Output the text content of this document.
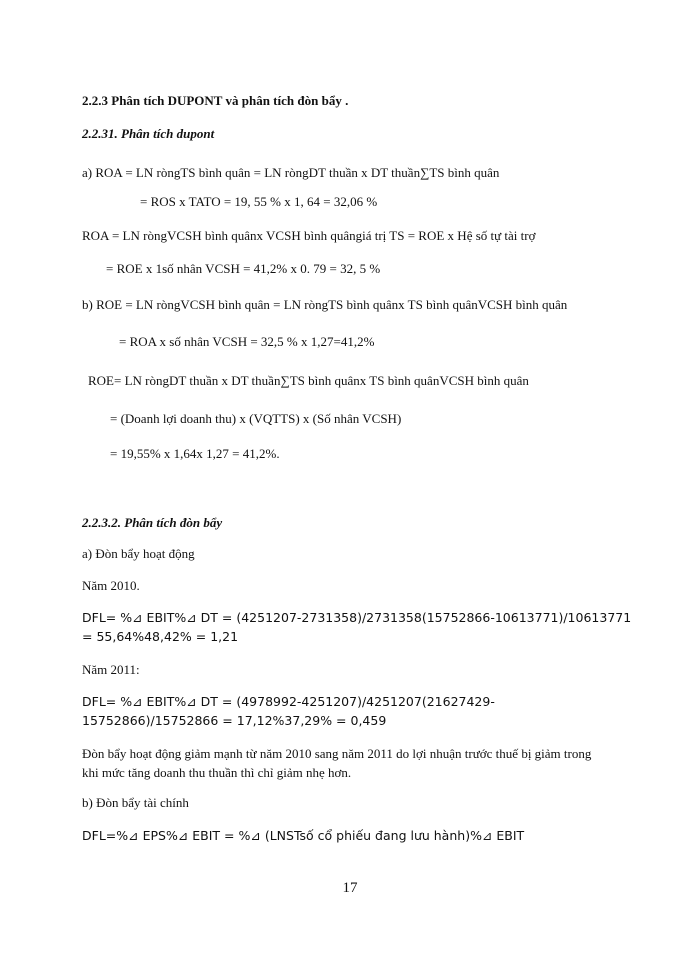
2.2.3 Phân tích DUPONT và phân tích đòn bẩy .
2.2.31. Phân tích dupont
a) ROA = LN ròngTS bình quân = LN ròngDT thuần x DT thuần∑TS bình quân
= ROS x TATO = 19, 55 % x 1, 64 = 32,06 %
ROA = LN ròngVCSH bình quânx VCSH bình quângiá trị TS = ROE x Hệ số tự tài trợ
= ROE x 1số nhân VCSH = 41,2% x 0. 79 = 32, 5 %
b) ROE = LN ròngVCSH bình quân = LN ròngTS bình quânx TS bình quânVCSH bình quân
= ROA x số nhân VCSH = 32,5 % x 1,27=41,2%
ROE= LN ròngDT thuần x DT thuần∑TS bình quânx TS bình quânVCSH bình quân
= (Doanh lợi doanh thu) x (VQTTS) x (Số nhân VCSH)
= 19,55% x 1,64x 1,27 = 41,2%.
2.2.3.2. Phân tích đòn bẩy
a) Đòn bẩy hoạt động
Năm 2010.
DFL= %⊿ EBIT%⊿ DT = (4251207-2731358)/2731358(15752866-10613771)/10613771
= 55,64%48,42% = 1,21
Năm 2011:
DFL= %⊿ EBIT%⊿ DT = (4978992-4251207)/4251207(21627429-
15752866)/15752866 = 17,12%37,29% = 0,459
Đòn bẩy hoạt động giảm mạnh từ năm 2010 sang năm 2011 do lợi nhuận trước thuế bị giảm trong khi mức tăng doanh thu thuần thì chỉ giảm nhẹ hơn.
b) Đòn bẩy tài chính
DFL=%⊿ EPS%⊿ EBIT = %⊿ (LNSTsố cổ phiếu đang lưu hành)%⊿ EBIT
17
